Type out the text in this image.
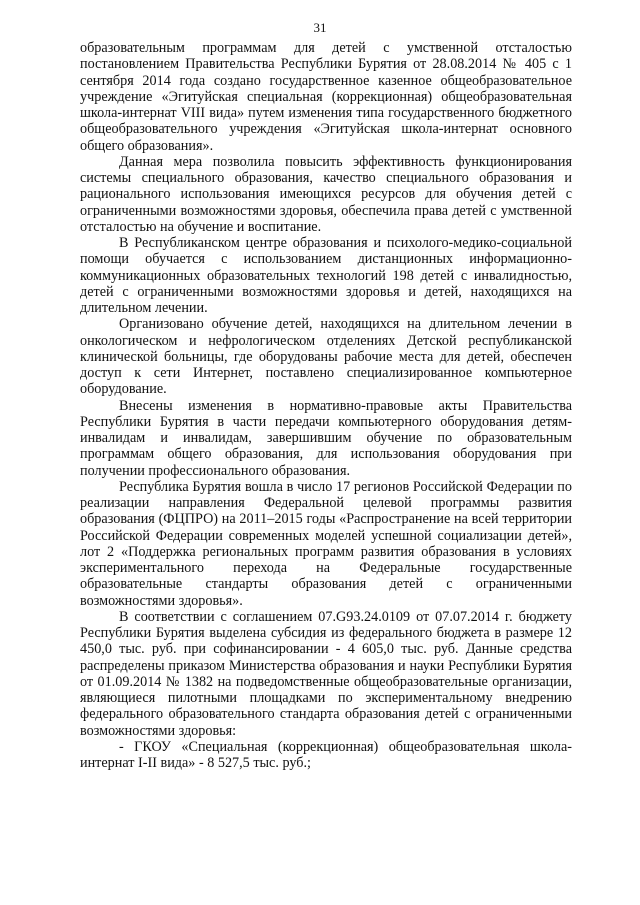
31

образовательным программам для детей с умственной отсталостью постановлением Правительства Республики Бурятия от 28.08.2014 № 405 с 1 сентября 2014 года создано государственное казенное общеобразовательное учреждение «Эгитуйская специальная (коррекционная) общеобразовательная школа-интернат VIII вида» путем изменения типа государственного бюджетного общеобразовательного учреждения «Эгитуйская школа-интернат основного общего образования».

Данная мера позволила повысить эффективность функционирования системы специального образования, качество специального образования и рационального использования имеющихся ресурсов для обучения детей с ограниченными возможностями здоровья, обеспечила права детей с умственной отсталостью на обучение и воспитание.

В Республиканском центре образования и психолого-медико-социальной помощи обучается с использованием дистанционных информационно-коммуникационных образовательных технологий 198 детей с инвалидностью, детей с ограниченными возможностями здоровья и детей, находящихся на длительном лечении.

Организовано обучение детей, находящихся на длительном лечении в онкологическом и нефрологическом отделениях Детской республиканской клинической больницы, где оборудованы рабочие места для детей, обеспечен доступ к сети Интернет, поставлено специализированное компьютерное оборудование.

Внесены изменения в нормативно-правовые акты Правительства Республики Бурятия в части передачи компьютерного оборудования детям-инвалидам и инвалидам, завершившим обучение по образовательным программам общего образования, для использования оборудования при получении профессионального образования.

Республика Бурятия вошла в число 17 регионов Российской Федерации по реализации направления Федеральной целевой программы развития образования (ФЦПРО) на 2011–2015 годы «Распространение на всей территории Российской Федерации современных моделей успешной социализации детей», лот 2 «Поддержка региональных программ развития образования в условиях экспериментального перехода на Федеральные государственные образовательные стандарты образования детей с ограниченными возможностями здоровья».

В соответствии с соглашением 07.G93.24.0109 от 07.07.2014 г. бюджету Республики Бурятия выделена субсидия из федерального бюджета в размере 12 450,0 тыс. руб. при софинансировании - 4 605,0 тыс. руб. Данные средства распределены приказом Министерства образования и науки Республики Бурятия от 01.09.2014 № 1382 на подведомственные общеобразовательные организации, являющиеся пилотными площадками по экспериментальному внедрению федерального образовательного стандарта образования детей с ограниченными возможностями здоровья:

- ГКОУ «Специальная (коррекционная) общеобразовательная школа-интернат I-II вида» - 8 527,5 тыс. руб.;
